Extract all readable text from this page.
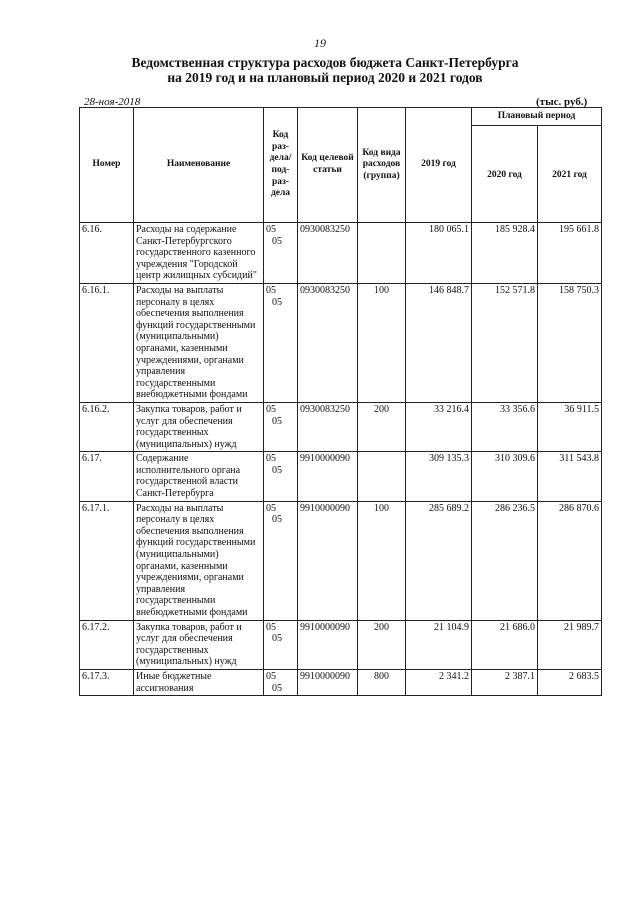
19
Ведомственная структура расходов бюджета Санкт-Петербурга
на 2019 год и на плановый период 2020 и 2021 годов
28-ноя-2018	(тыс. руб.)
Номер	Наименование	Код раз-дела/ под-раз-дела	Код целевой статьи	Код вида расходов (группа)	2019 год	Плановый период	
						2020 год	2021 год
6.16.	Расходы на содержание Санкт-Петербургского государственного казенного учреждения "Городской центр жилищных субсидий"	0505	0930083250		180 065.1	185 928.4	195 661.8
6.16.1.	Расходы на выплаты персоналу в целях обеспечения выполнения функций государственными (муниципальными) органами, казенными учреждениями, органами управления государственными внебюджетными фондами	0505	0930083250	100	146 848.7	152 571.8	158 750.3
6.16.2.	Закупка товаров, работ и услуг для обеспечения государственных (муниципальных) нужд	0505	0930083250	200	33 216.4	33 356.6	36 911.5
6.17.	Содержание исполнительного органа государственной власти Санкт-Петербурга	0505	9910000090		309 135.3	310 309.6	311 543.8
6.17.1.	Расходы на выплаты персоналу в целях обеспечения выполнения функций государственными (муниципальными) органами, казенными учреждениями, органами управления государственными внебюджетными фондами	0505	9910000090	100	285 689.2	286 236.5	286 870.6
6.17.2.	Закупка товаров, работ и услуг для обеспечения государственных (муниципальных) нужд	0505	9910000090	200	21 104.9	21 686.0	21 989.7
6.17.3.	Иные бюджетные ассигнования	0505	9910000090	800	2 341.2	2 387.1	2 683.5
